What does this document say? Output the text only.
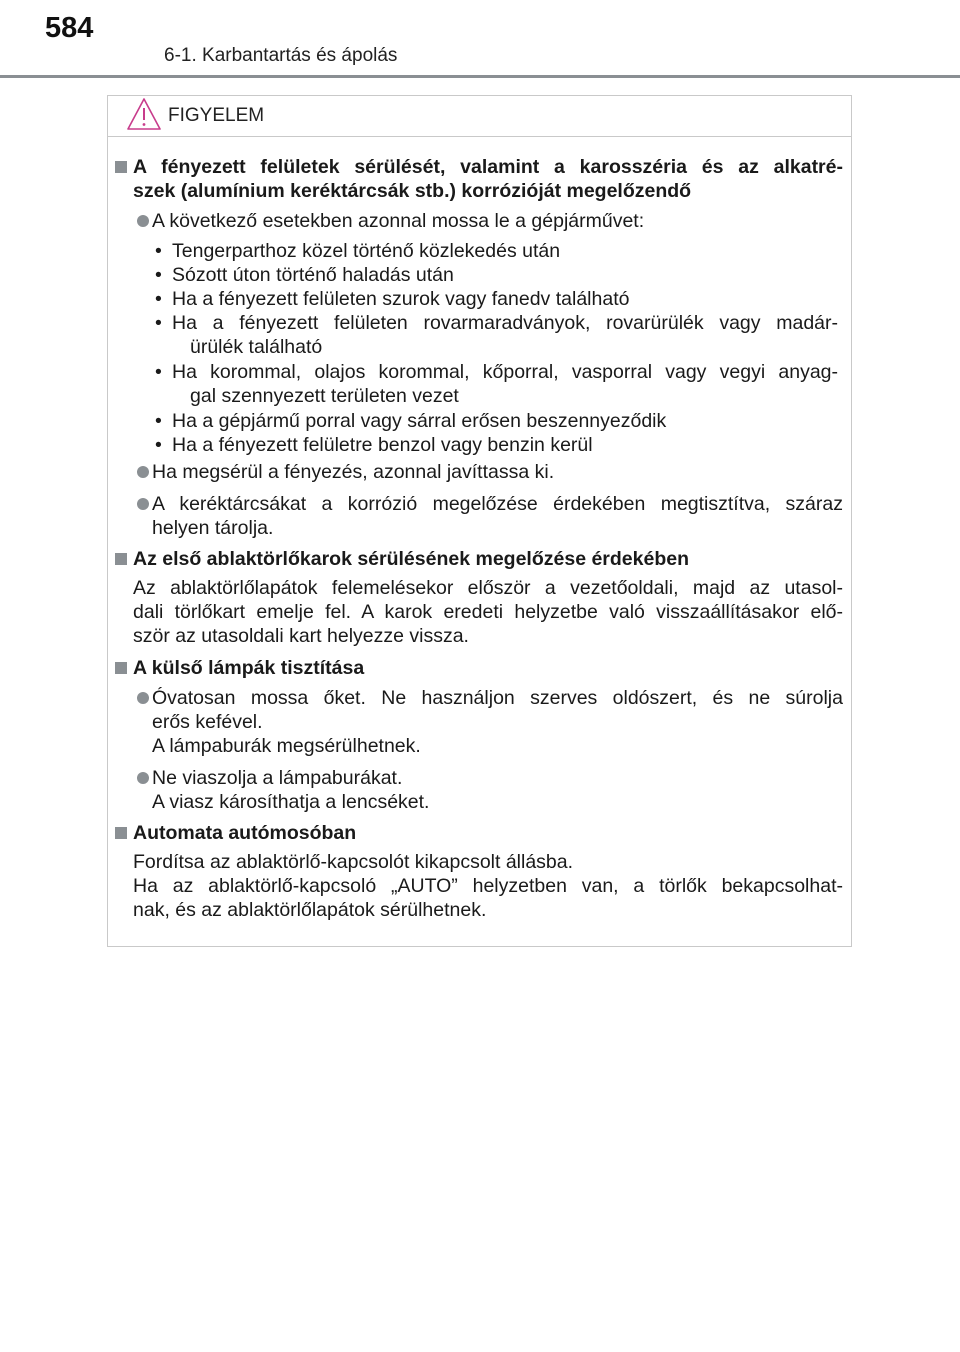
584
6-1. Karbantartás és ápolás
FIGYELEM
A fényezett felületek sérülését, valamint a karosszéria és az alkatré-
szek (alumínium keréktárcsák stb.) korrózióját megelőzendő
A következő esetekben azonnal mossa le a gépjárművet:
• Tengerparthoz közel történő közlekedés után
• Sózott úton történő haladás után
• Ha a fényezett felületen szurok vagy fanedv található
• Ha a fényezett felületen rovarmaradványok, rovarürülék vagy madár-
ürülék található
• Ha korommal, olajos korommal, kőporral, vasporral vagy vegyi anyag-
gal szennyezett területen vezet
• Ha a gépjármű porral vagy sárral erősen beszennyeződik
• Ha a fényezett felületre benzol vagy benzin kerül
Ha megsérül a fényezés, azonnal javíttassa ki.
A keréktárcsákat a korrózió megelőzése érdekében megtisztítva, száraz
helyen tárolja.
Az első ablaktörlőkarok sérülésének megelőzése érdekében
Az ablaktörlőlapátok felemelésekor először a vezetőoldali, majd az utasol-
dali törlőkart emelje fel. A karok eredeti helyzetbe való visszaállításakor elő-
ször az utasoldali kart helyezze vissza.
A külső lámpák tisztítása
Óvatosan mossa őket. Ne használjon szerves oldószert, és ne súrolja
erős kefével.
A lámpaburák megsérülhetnek.
Ne viaszolja a lámpaburákat.
A viasz károsíthatja a lencséket.
Automata autómosóban
Fordítsa az ablaktörlő-kapcsolót kikapcsolt állásba.
Ha az ablaktörlő-kapcsoló „AUTO” helyzetben van, a törlők bekapcsolhat-
nak, és az ablaktörlőlapátok sérülhetnek.
